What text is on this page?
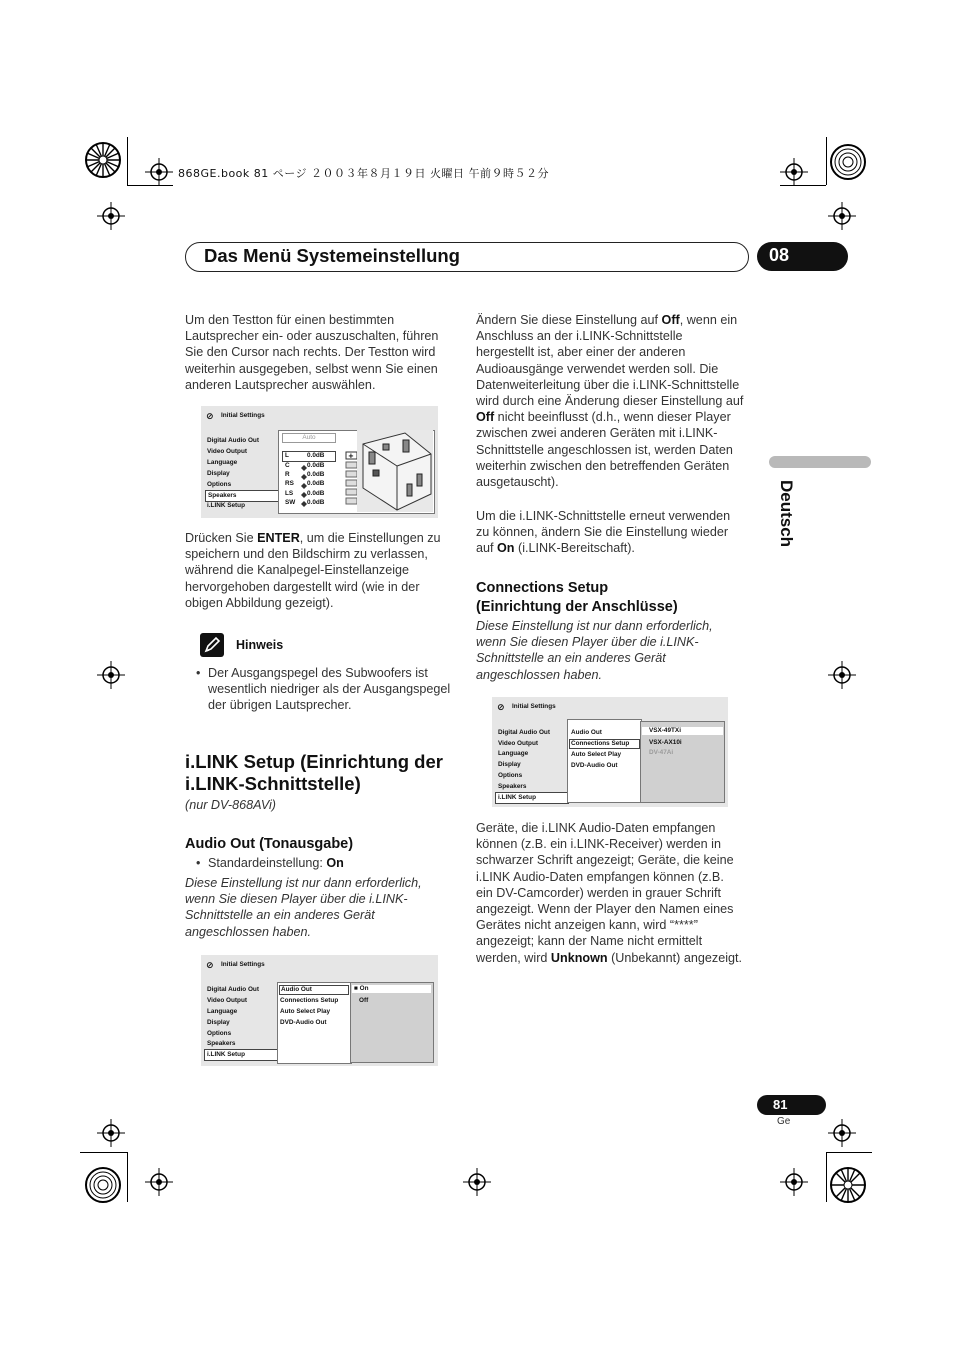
868GE.book 81 ページ ２００３年８月１９日 火曜日 午前９時５２分
Das Menü Systemeinstellung	08
Deutsch
Um den Testton für einen bestimmten Lautsprecher ein- oder auszuschalten, führen Sie den Cursor nach rechts. Der Testton wird weiterhin ausgegeben, selbst wenn Sie einen anderen Lautsprecher auswählen.
⊘ Initial Settings
Digital Audio Out
Video Output
Language
Display
Options
Speakers
i.LINK Setup
Auto
L	0.0dB
C	0.0dB
R	0.0dB
RS 0.0dB
LS 0.0dB
SW 0.0dB
+
Drücken Sie ENTER, um die Einstellungen zu speichern und den Bildschirm zu verlassen, während die Kanalpegel-Einstellanzeige hervorgehoben dargestellt wird (wie in der obigen Abbildung gezeigt).
Hinweis
• Der Ausgangspegel des Subwoofers ist wesentlich niedriger als der Ausgangspegel der übrigen Lautsprecher.
i.LINK Setup (Einrichtung der i.LINK-Schnittstelle)
(nur DV-868AVi)
Audio Out (Tonausgabe)
• Standardeinstellung: On
Diese Einstellung ist nur dann erforderlich, wenn Sie diesen Player über die i.LINK-Schnittstelle an ein anderes Gerät angeschlossen haben.
⊘ Initial Settings
Digital Audio Out
Video Output
Language
Display
Options
Speakers
i.LINK Setup
Audio Out
Connections Setup
Auto Select Play
DVD-Audio Out
■ On
Off
Ändern Sie diese Einstellung auf Off, wenn ein Anschluss an der i.LINK-Schnittstelle hergestellt ist, aber einer der anderen Audioausgänge verwendet werden soll. Die Datenweiterleitung über die i.LINK-Schnittstelle wird durch eine Änderung dieser Einstellung auf Off nicht beeinflusst (d.h., wenn dieser Player zwischen zwei anderen Geräten mit i.LINK-Schnittstelle angeschlossen ist, werden Daten weiterhin zwischen den betreffenden Geräten ausgetauscht).
Um die i.LINK-Schnittstelle erneut verwenden zu können, ändern Sie die Einstellung wieder auf On (i.LINK-Bereitschaft).
Connections Setup
(Einrichtung der Anschlüsse)
Diese Einstellung ist nur dann erforderlich, wenn Sie diesen Player über die i.LINK-Schnittstelle an ein anderes Gerät angeschlossen haben.
⊘ Initial Settings
Digital Audio Out
Video Output
Language
Display
Options
Speakers
i.LINK Setup
Audio Out
Connections Setup
Auto Select Play
DVD-Audio Out
VSX-49TXi
VSX-AX10i
DV-47Ai
Geräte, die i.LINK Audio-Daten empfangen können (z.B. ein i.LINK-Receiver) werden in schwarzer Schrift angezeigt; Geräte, die keine i.LINK Audio-Daten empfangen können (z.B. ein DV-Camcorder) werden in grauer Schrift angezeigt. Wenn der Player den Namen eines Gerätes nicht anzeigen kann, wird “****” angezeigt; kann der Name nicht ermittelt werden, wird Unknown (Unbekannt) angezeigt.
81
Ge
